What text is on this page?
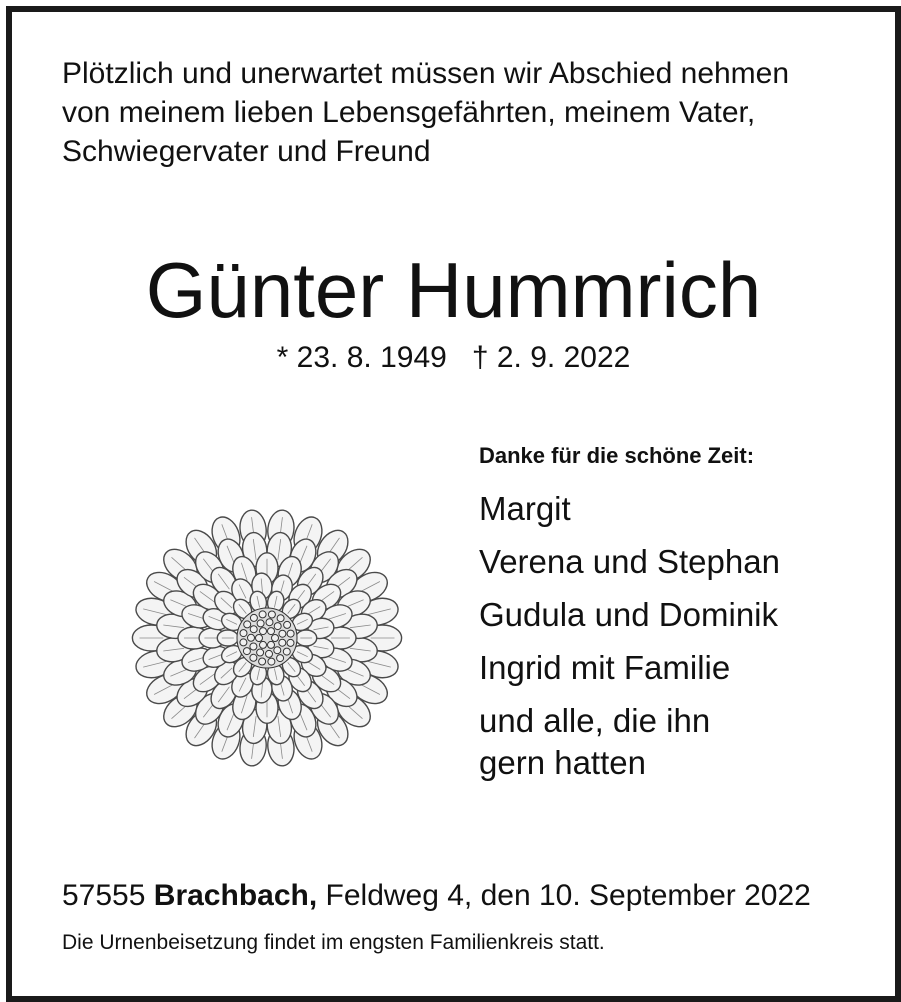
Plötzlich und unerwartet müssen wir Abschied nehmen
von meinem lieben Lebensgefährten, meinem Vater,
Schwiegervater und Freund
Günter Hummrich
* 23. 8. 1949 † 2. 9. 2022
Danke für die schöne Zeit:
Margit
Verena und Stephan
Gudula und Dominik
Ingrid mit Familie
und alle, die ihn
gern hatten
57555 Brachbach, Feldweg 4, den 10. September 2022
Die Urnenbeisetzung findet im engsten Familienkreis statt.
